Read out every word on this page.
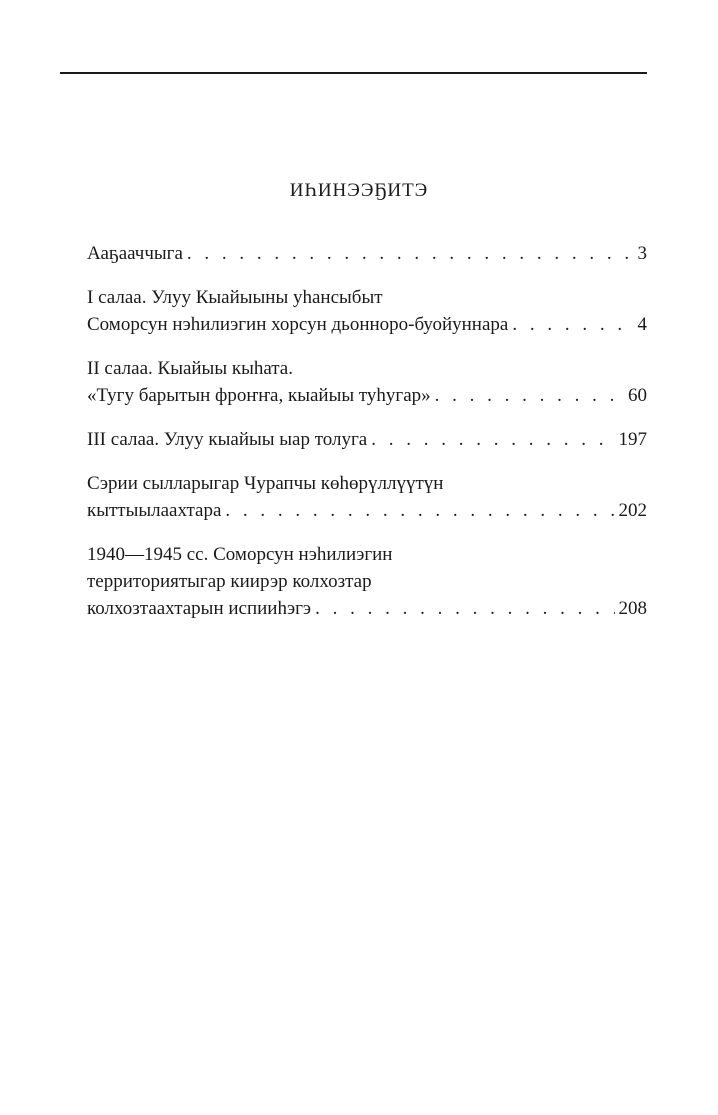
ИҺИНЭЭҔИТЭ
Ааҕааччыга . . .	3
I салаа. Улуу Кыайыыны уһансыбыт
Соморсун нэһилиэгин хорсун дьонноро-буойуннара . . .	4
II салаа. Кыайыы кыһата.
«Тугу барытын фроҥҥа, кыайыы туһугар» . . .	60
III салаа. Улуу кыайыы ыар толуга . . .	197
Сэрии сылларыгар Чурапчы көһөрүллүүтүн
кыттыылаахтара . . .	202
1940—1945 сс. Соморсун нэһилиэгин
территориятыгар киирэр колхозтар
колхозтаахтарын испииһэгэ . . .	208
